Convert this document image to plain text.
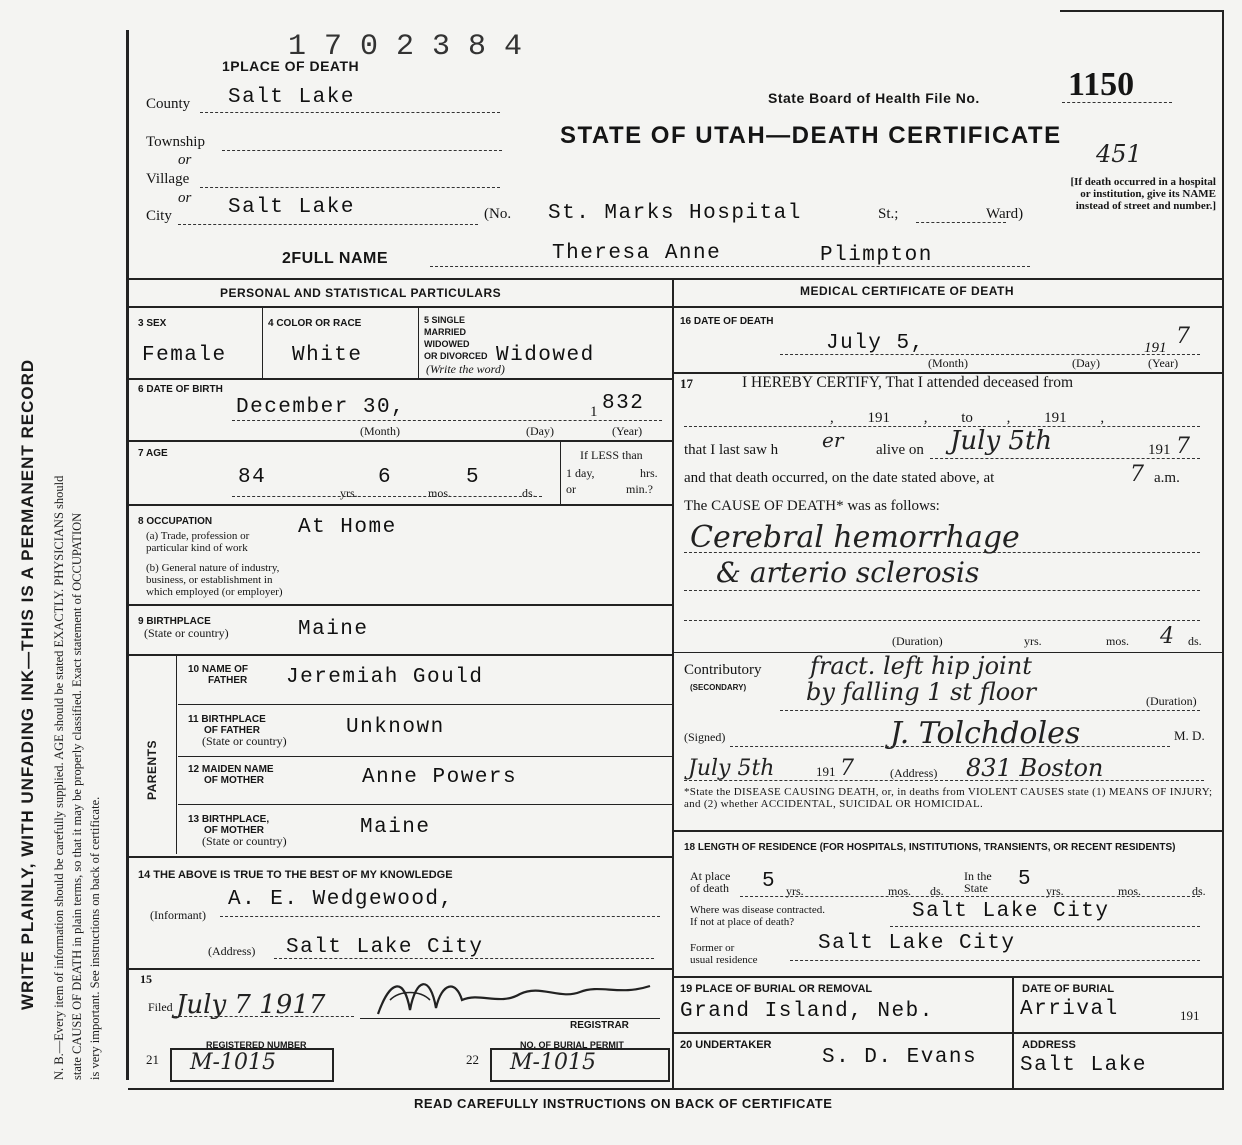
WRITE PLAINLY, WITH UNFADING INK—THIS IS A PERMANENT RECORD N. B.—Every item of information should be carefully supplied. AGE should be stated EXACTLY. PHYSICIANS should state CAUSE OF DEATH in plain terms, so that it may be properly classified. Exact statement of OCCUPATION is very important. See instructions on back of certificate.
1702384
1PLACE OF DEATH
County Salt Lake
Township
or
Village
or
City	Salt Lake	(No. St. Marks Hospital	St.;	Ward)
State Board of Health File No.	1150
451
STATE OF UTAH—DEATH CERTIFICATE
[If death occurred in a hospital or institution, give its NAME instead of street and number.]
2FULL NAME	Theresa Anne	Plimpton
PERSONAL AND STATISTICAL PARTICULARS
3 SEX
Female
4 COLOR OR RACE
White
5 SINGLE
MARRIED
WIDOWED
OR DIVORCED
(Write the word)
Widowed
6 DATE OF BIRTH
December 30,	1 832
(Month)	(Day)	(Year)
7 AGE
84
yrs.
6
mos.
5
ds.
If LESS than
1 day,	hrs.
or	min.?
8 OCCUPATION
(a) Trade, profession or
particular kind of work
At Home
(b) General nature of industry,
business, or establishment in
which employed (or employer)
9 BIRTHPLACE
(State or country)	Maine
PARENTS
10 NAME OF
FATHER Jeremiah Gould
11 BIRTHPLACE
OF FATHER
(State or country)
Unknown
12 MAIDEN NAME
OF MOTHER	Anne Powers
13 BIRTHPLACE,
OF MOTHER
(State or country)
Maine
14 THE ABOVE IS TRUE TO THE BEST OF MY KNOWLEDGE
A. E. Wedgewood,
(Informant)
(Address) Salt Lake City
15
Filed July 7 1917
REGISTRAR
REGISTERED NUMBER
21 M-1015
NO. OF BURIAL PERMIT
22 M-1015
MEDICAL CERTIFICATE OF DEATH
16 DATE OF DEATH
July 5,	191 7
(Month)	(Day)	(Year)
17	I HEREBY CERTIFY, That I attended deceased from
, 191 , to , 191 ,
that I last saw h er alive on July 5th	191 7
and that death occurred, on the date stated above, at	7 a.m.
The CAUSE OF DEATH* was as follows:
Cerebral hemorrhage
& arterio sclerosis
(Duration)	yrs.	mos. 4 ds.
Contributory
(SECONDARY)
fract. left hip joint
by falling 1 st floor	(Duration)
(Signed)	J. Tolchdoles	M. D.
July 5th	191 7	(Address) 831 Boston
*State the DISEASE CAUSING DEATH, or, in deaths from VIOLENT CAUSES state (1) MEANS OF INJURY; and (2) whether ACCIDENTAL, SUICIDAL OR HOMICIDAL.
18 LENGTH OF RESIDENCE (FOR HOSPITALS, INSTITUTIONS, TRANSIENTS, OR RECENT RESIDENTS)
At place
of death 5 yrs.	mos. ds.
In the
State 5 yrs.	mos.	ds.
Where was disease contracted.
If not at place of death?	Salt Lake City
Former or
usual residence
Salt Lake City
19 PLACE OF BURIAL OR REMOVAL
Grand Island, Neb.
DATE OF BURIAL
Arrival	191
20 UNDERTAKER
S. D. Evans
ADDRESS
Salt Lake
READ CAREFULLY INSTRUCTIONS ON BACK OF CERTIFICATE
